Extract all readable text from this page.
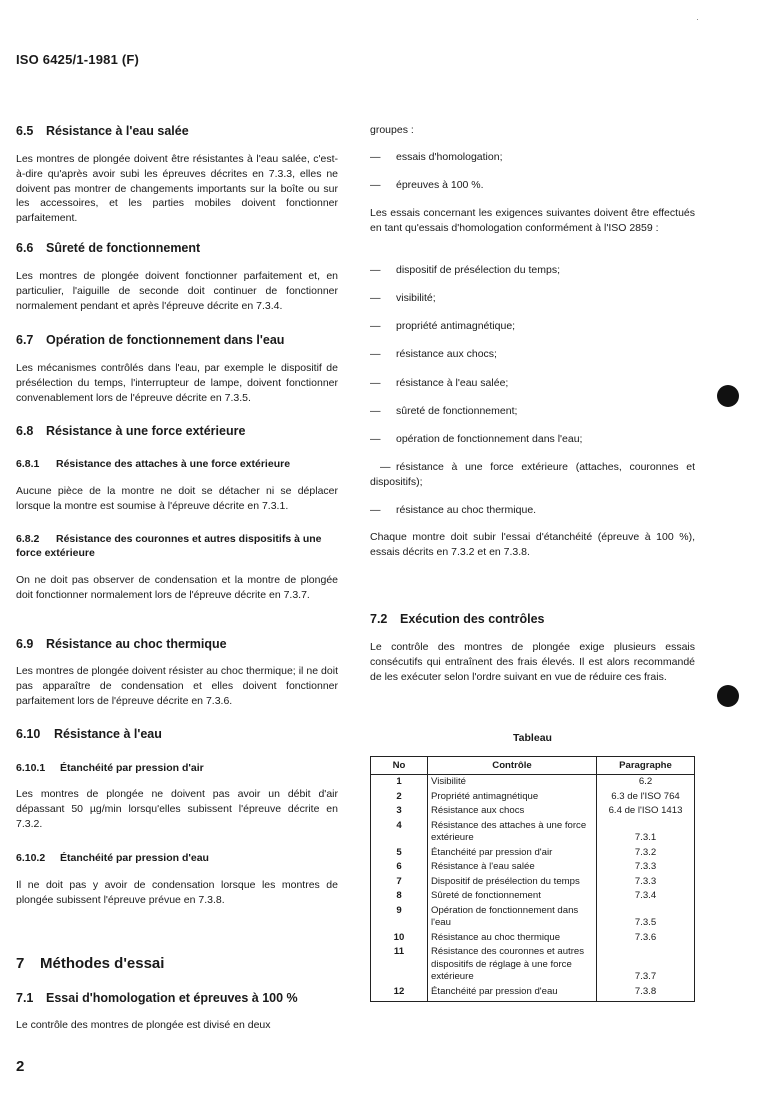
ISO 6425/1-1981 (F)
6.5 Résistance à l'eau salée
Les montres de plongée doivent être résistantes à l'eau salée, c'est-à-dire qu'après avoir subi les épreuves décrites en 7.3.3, elles ne doivent pas montrer de changements importants sur la boîte ou sur les accessoires, et les parties mobiles doivent fonctionner parfaitement.
6.6 Sûreté de fonctionnement
Les montres de plongée doivent fonctionner parfaitement et, en particulier, l'aiguille de seconde doit continuer de fonctionner normalement pendant et après l'épreuve décrite en 7.3.4.
6.7 Opération de fonctionnement dans l'eau
Les mécanismes contrôlés dans l'eau, par exemple le dispositif de présélection du temps, l'interrupteur de lampe, doivent fonctionner convenablement lors de l'épreuve décrite en 7.3.5.
6.8 Résistance à une force extérieure
6.8.1 Résistance des attaches à une force extérieure
Aucune pièce de la montre ne doit se détacher ni se déplacer lorsque la montre est soumise à l'épreuve décrite en 7.3.1.
6.8.2 Résistance des couronnes et autres dispositifs à une force extérieure
On ne doit pas observer de condensation et la montre de plongée doit fonctionner normalement lors de l'épreuve décrite en 7.3.7.
6.9 Résistance au choc thermique
Les montres de plongée doivent résister au choc thermique; il ne doit pas apparaître de condensation et elles doivent fonctionner parfaitement lors de l'épreuve décrite en 7.3.6.
6.10 Résistance à l'eau
6.10.1 Étanchéité par pression d'air
Les montres de plongée ne doivent pas avoir un débit d'air dépassant 50 µg/min lorsqu'elles subissent l'épreuve décrite en 7.3.2.
6.10.2 Étanchéité par pression d'eau
Il ne doit pas y avoir de condensation lorsque les montres de plongée subissent l'épreuve prévue en 7.3.8.
7 Méthodes d'essai
7.1 Essai d'homologation et épreuves à 100 %
Le contrôle des montres de plongée est divisé en deux
groupes :
— essais d'homologation;
— épreuves à 100 %.
Les essais concernant les exigences suivantes doivent être effectués en tant qu'essais d'homologation conformément à l'ISO 2859 :
— dispositif de présélection du temps;
— visibilité;
— propriété antimagnétique;
— résistance aux chocs;
— résistance à l'eau salée;
— sûreté de fonctionnement;
— opération de fonctionnement dans l'eau;
— résistance à une force extérieure (attaches, couronnes et dispositifs);
— résistance au choc thermique.
Chaque montre doit subir l'essai d'étanchéité (épreuve à 100 %), essais décrits en 7.3.2 et en 7.3.8.
7.2 Exécution des contrôles
Le contrôle des montres de plongée exige plusieurs essais consécutifs qui entraînent des frais élevés. Il est alors recommandé de les exécuter selon l'ordre suivant en vue de réduire ces frais.
Tableau
No	Contrôle	Paragraphe
1	Visibilité	6.2
2	Propriété antimagnétique	6.3 de l'ISO 764
3	Résistance aux chocs	6.4 de l'ISO 1413
4	Résistance des attaches à une force extérieure	7.3.1
5	Étanchéité par pression d'air	7.3.2
6	Résistance à l'eau salée	7.3.3
7	Dispositif de présélection du temps	7.3.3
8	Sûreté de fonctionnement	7.3.4
9	Opération de fonctionnement dans l'eau	7.3.5
10	Résistance au choc thermique	7.3.6
11	Résistance des couronnes et autres dispositifs de réglage à une force extérieure	7.3.7
12	Étanchéité par pression d'eau	7.3.8
·
2
